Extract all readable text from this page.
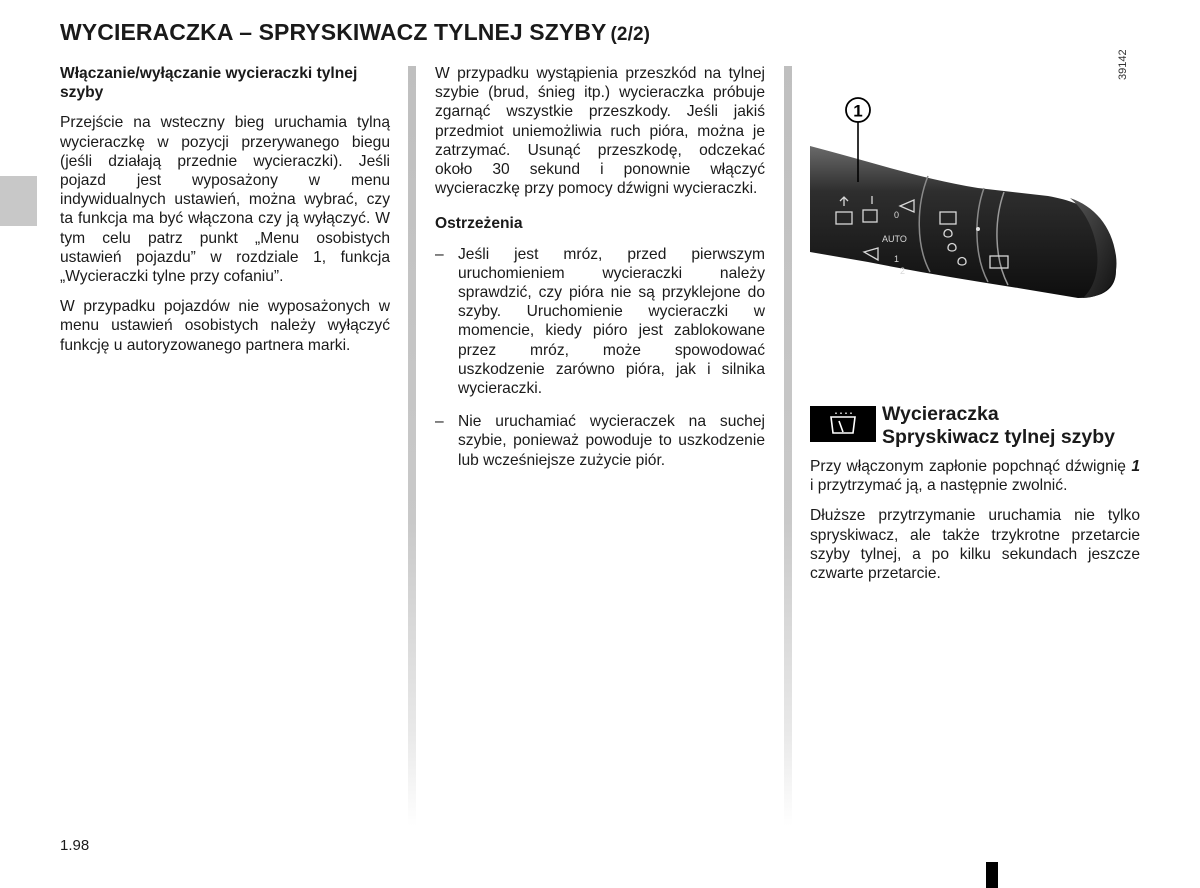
WYCIERACZKA – SPRYSKIWACZ TYLNEJ SZYBY (2/2)

Włączanie/wyłączanie wycieraczki tylnej szyby

Przejście na wsteczny bieg uruchamia tylną wycieraczkę w pozycji przerywanego biegu (jeśli działają przednie wycieraczki). Jeśli pojazd jest wyposażony w menu indywidualnych ustawień, można wybrać, czy ta funkcja ma być włączona czy ją wyłączyć. W tym celu patrz punkt „Menu osobistych ustawień pojazdu” w rozdziale 1, funkcja „Wycieraczki tylne przy cofaniu”.

W przypadku pojazdów nie wyposażonych w menu ustawień osobistych należy wyłączyć funkcję u autoryzowanego partnera marki.

W przypadku wystąpienia przeszkód na tylnej szybie (brud, śnieg itp.) wycieraczka próbuje zgarnąć wszystkie przeszkody. Jeśli jakiś przedmiot uniemożliwia ruch pióra, można je zatrzymać. Usunąć przeszkodę, odczekać około 30 sekund i ponownie włączyć wycieraczkę przy pomocy dźwigni wycieraczki.

Ostrzeżenia

– Jeśli jest mróz, przed pierwszym uruchomieniem wycieraczki należy sprawdzić, czy pióra nie są przyklejone do szyby. Uruchomienie wycieraczki w momencie, kiedy pióro jest zablokowane przez mróz, może spowodować uszkodzenie zarówno pióra, jak i silnika wycieraczki.
– Nie uruchamiać wycieraczek na suchej szybie, ponieważ powoduje to uszkodzenie lub wcześniejsze zużycie piór.
AUTO
0
1
2
1
39142
Wycieraczka
Spryskiwacz tylnej szyby

Przy włączonym zapłonie popchnąć dźwignię 1 i przytrzymać ją, a następnie zwolnić.

Dłuższe przytrzymanie uruchamia nie tylko spryskiwacz, ale także trzykrotne przetarcie szyby tylnej, a po kilku sekundach jeszcze czwarte przetarcie.

1.98
